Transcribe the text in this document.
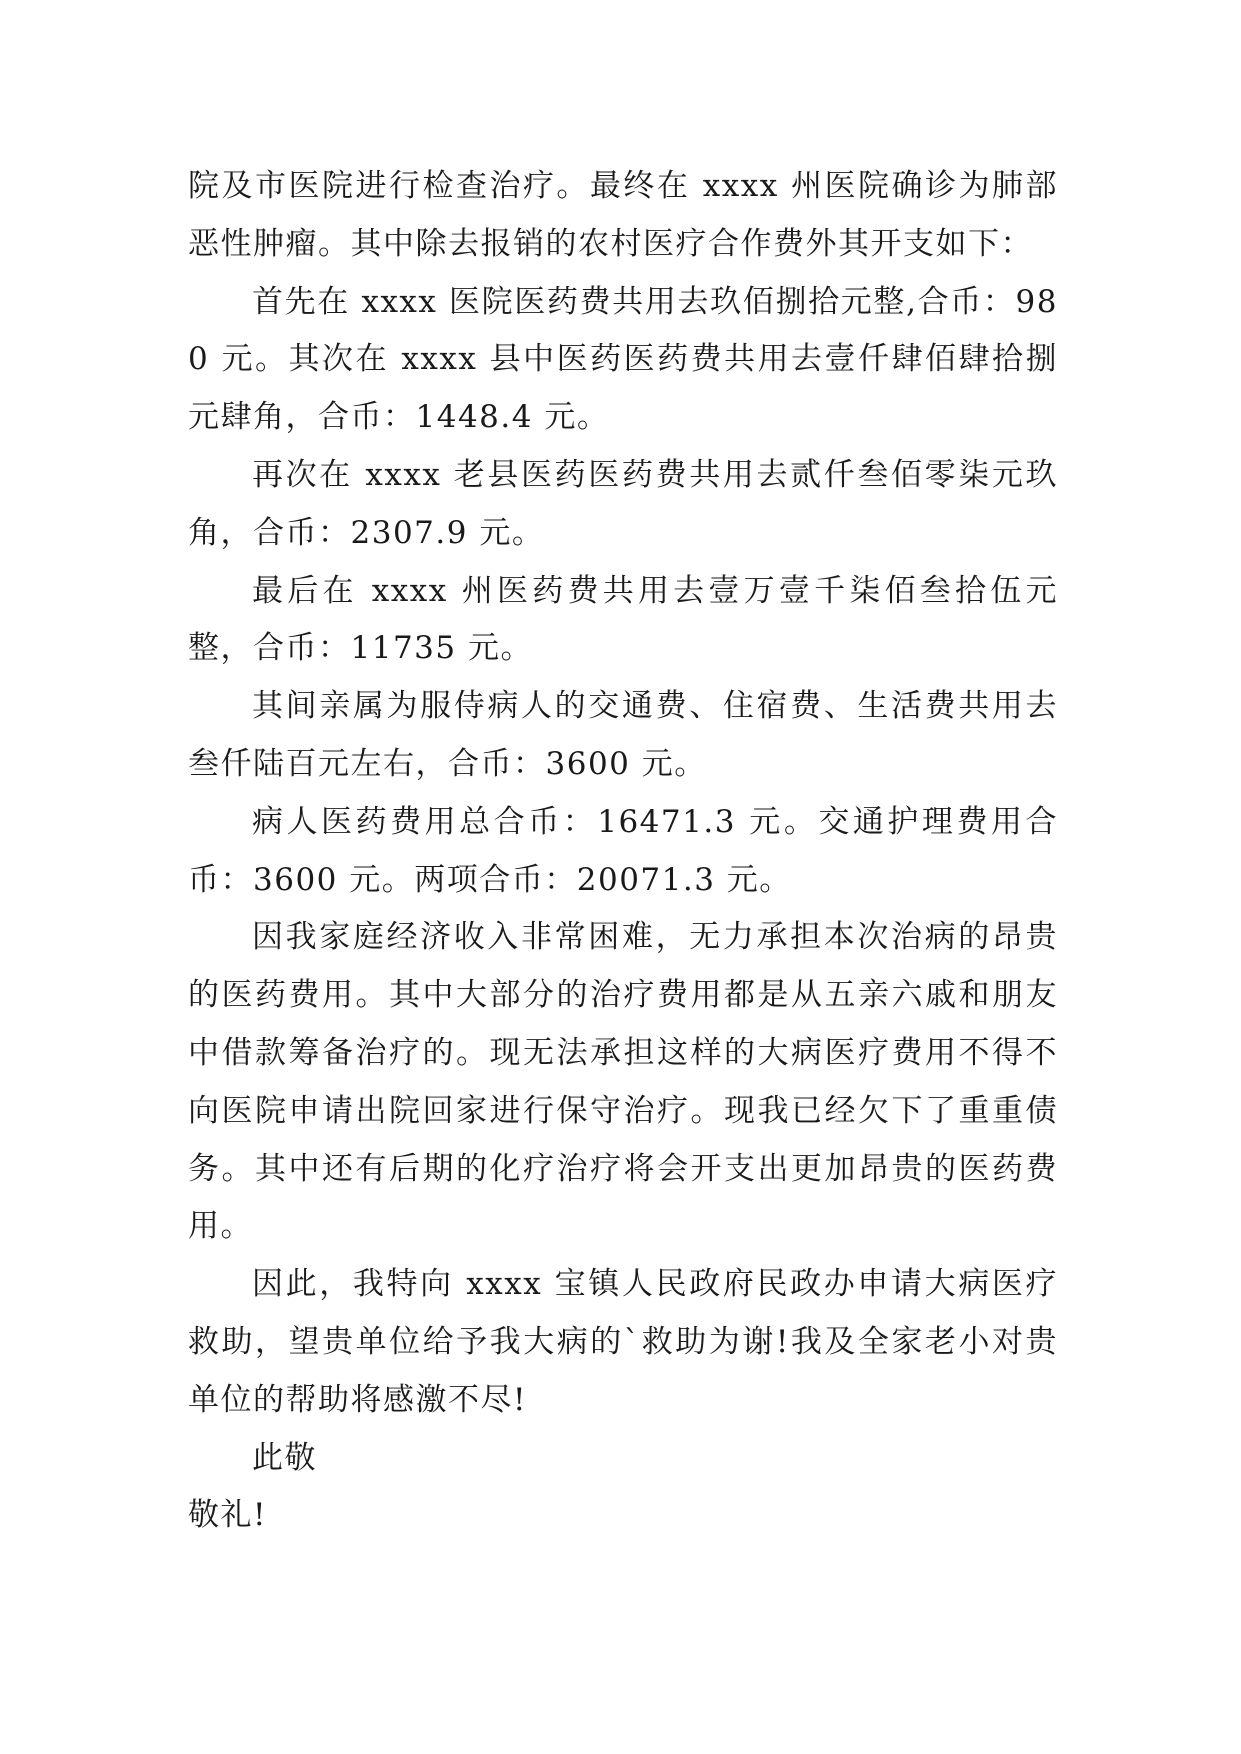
院及市医院进行检查治疗。最终在 xxxx 州医院确诊为肺部恶性肿瘤。其中除去报销的农村医疗合作费外其开支如下：

首先在 xxxx 医院医药费共用去玖佰捌拾元整,合币：980 元。其次在 xxxx 县中医药医药费共用去壹仟肆佰肆拾捌元肆角，合币：1448.4 元。

再次在 xxxx 老县医药医药费共用去贰仟叁佰零柒元玖角，合币：2307.9 元。

最后在 xxxx 州医药费共用去壹万壹千柒佰叁拾伍元整，合币：11735 元。

其间亲属为服侍病人的交通费、住宿费、生活费共用去叁仟陆百元左右，合币：3600 元。

病人医药费用总合币：16471.3 元。交通护理费用合币：3600 元。两项合币：20071.3 元。

因我家庭经济收入非常困难，无力承担本次治病的昂贵的医药费用。其中大部分的治疗费用都是从五亲六戚和朋友中借款筹备治疗的。现无法承担这样的大病医疗费用不得不向医院申请出院回家进行保守治疗。现我已经欠下了重重债务。其中还有后期的化疗治疗将会开支出更加昂贵的医药费用。

因此，我特向 xxxx 宝镇人民政府民政办申请大病医疗救助，望贵单位给予我大病的`救助为谢!我及全家老小对贵单位的帮助将感激不尽!

此敬

敬礼!
